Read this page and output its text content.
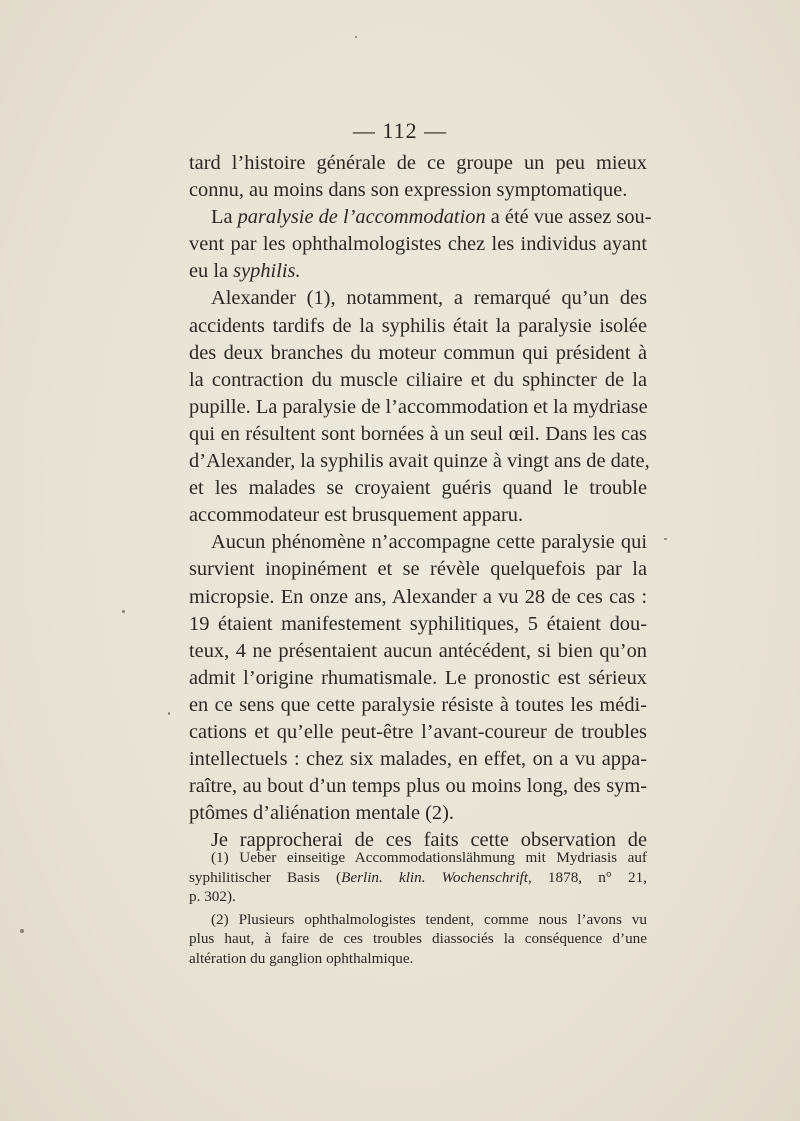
— 112 —
tard l’histoire générale de ce groupe un peu mieux
connu, au moins dans son expression symptomatique.
La paralysie de l’accommodation a été vue assez sou-
vent par les ophthalmologistes chez les individus ayant
eu la syphilis.
Alexander (1), notamment, a remarqué qu’un des
accidents tardifs de la syphilis était la paralysie isolée
des deux branches du moteur commun qui président à
la contraction du muscle ciliaire et du sphincter de la
pupille. La paralysie de l’accommodation et la mydriase
qui en résultent sont bornées à un seul œil. Dans les cas
d’Alexander, la syphilis avait quinze à vingt ans de date,
et les malades se croyaient guéris quand le trouble
accommodateur est brusquement apparu.
Aucun phénomène n’accompagne cette paralysie qui
survient inopinément et se révèle quelquefois par la
micropsie. En onze ans, Alexander a vu 28 de ces cas :
19 étaient manifestement syphilitiques, 5 étaient dou-
teux, 4 ne présentaient aucun antécédent, si bien qu’on
admit l’origine rhumatismale. Le pronostic est sérieux
en ce sens que cette paralysie résiste à toutes les médi-
cations et qu’elle peut-être l’avant-coureur de troubles
intellectuels : chez six malades, en effet, on a vu appa-
raître, au bout d’un temps plus ou moins long, des sym-
ptômes d’aliénation mentale (2).
Je rapprocherai de ces faits cette observation de
(1) Ueber einseitige Accommodationslähmung mit Mydriasis auf
syphilitischer Basis (Berlin. klin. Wochenschrift, 1878, n° 21,
p. 302).
(2) Plusieurs ophthalmologistes tendent, comme nous l’avons vu
plus haut, à faire de ces troubles diassociés la conséquence d’une
altération du ganglion ophthalmique.
